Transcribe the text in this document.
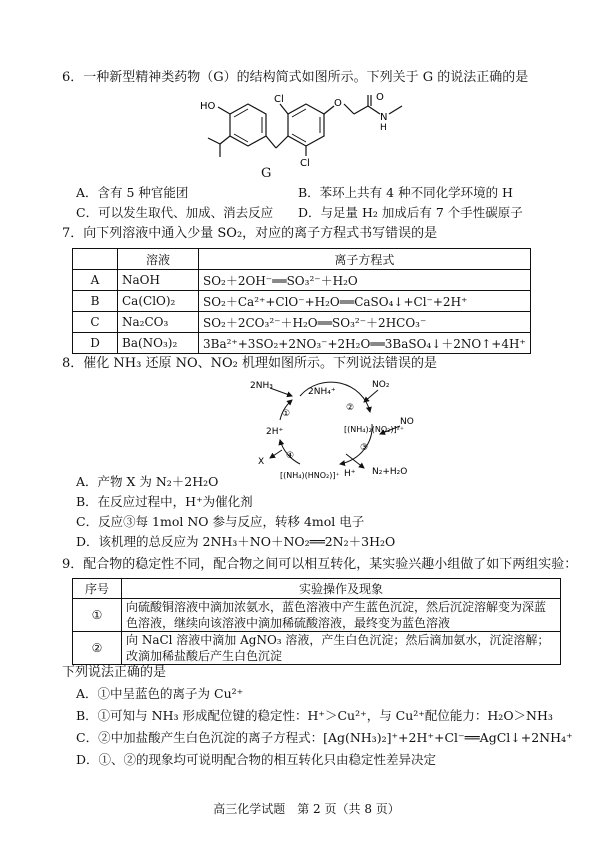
6．一种新型精神类药物（G）的结构简式如图所示。下列关于 G 的说法正确的是
HO
Cl
Cl
O
O
N
H
G
A．含有 5 种官能团	B．苯环上共有 4 种不同化学环境的 H
C．可以发生取代、加成、消去反应 D．与足量 H₂ 加成后有 7 个手性碳原子
7．向下列溶液中通入少量 SO₂，对应的离子方程式书写错误的是
	溶液	离子方程式
A	NaOH	SO₂＋2OH⁻══SO₃²⁻＋H₂O
B	Ca(ClO)₂	SO₂＋Ca²⁺+ClO⁻+H₂O══CaSO₄↓+Cl⁻+2H⁺
C	Na₂CO₃	SO₂＋2CO₃²⁻＋H₂O══SO₃²⁻＋2HCO₃⁻
D	Ba(NO₃)₂	3Ba²⁺+3SO₂+2NO₃⁻+2H₂O══3BaSO₄↓＋2NO↑+4H⁺
8．催化 NH₃ 还原 NO、NO₂ 机理如图所示。下列说法错误的是
2NH₃
2NH₄⁺
NO₂
①
②
③
④
2H⁺	[(NH₄)₂(NO₂)]²⁺
NO
[(NH₄)(HNO₂)]⁺ H⁺
X
N₂+H₂O
A．产物 X 为 N₂＋2H₂O
B．在反应过程中，H⁺为催化剂
C．反应③每 1mol NO 参与反应，转移 4mol 电子
D．该机理的总反应为 2NH₃＋NO＋NO₂══2N₂＋3H₂O
9．配合物的稳定性不同，配合物之间可以相互转化，某实验兴趣小组做了如下两组实验：
序号	实验操作及现象
①	向硫酸铜溶液中滴加浓氨水，蓝色溶液中产生蓝色沉淀，然后沉淀溶解变为深蓝色溶液，继续向该溶液中滴加稀硫酸溶液，最终变为蓝色溶液
②	向 NaCl 溶液中滴加 AgNO₃ 溶液，产生白色沉淀；然后滴加氨水，沉淀溶解；改滴加稀盐酸后产生白色沉淀
下列说法正确的是
A．①中呈蓝色的离子为 Cu²⁺
B．①可知与 NH₃ 形成配位键的稳定性：H⁺＞Cu²⁺，与 Cu²⁺配位能力：H₂O＞NH₃
C．②中加盐酸产生白色沉淀的离子方程式：[Ag(NH₃)₂]⁺+2H⁺+Cl⁻══AgCl↓+2NH₄⁺
D．①、②的现象均可说明配合物的相互转化只由稳定性差异决定
高三化学试题　第 2 页（共 8 页）
